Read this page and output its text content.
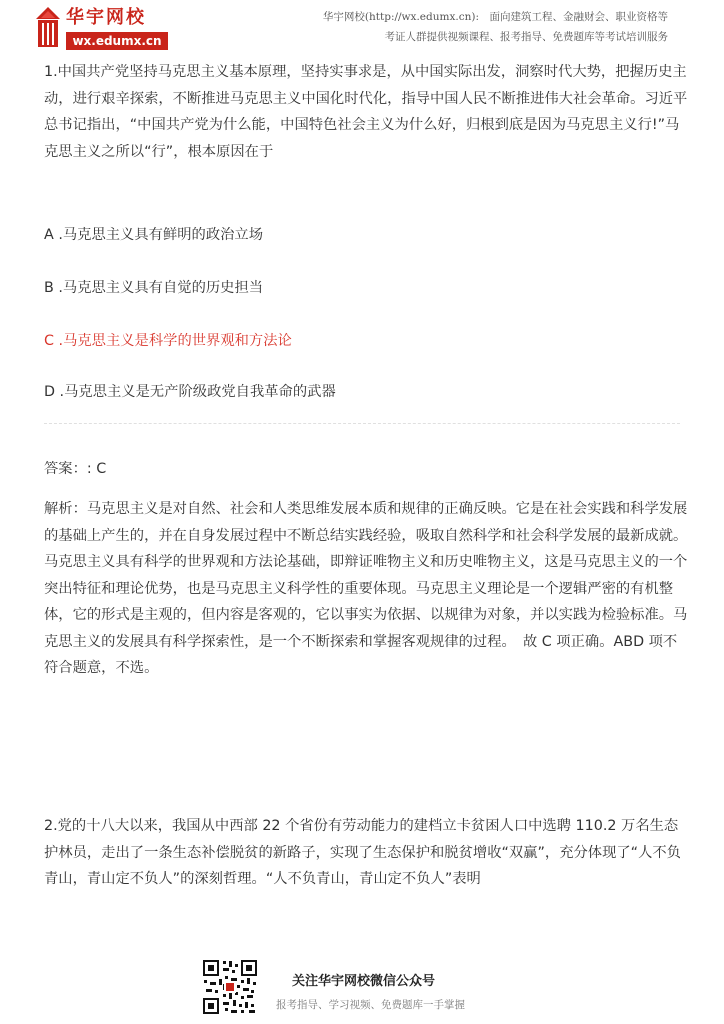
华宇网校
wx.edumx.cn
华宇网校(http://wx.edumx.cn):　面向建筑工程、金融财会、职业资格等
考证人群提供视频课程、报考指导、免费题库等考试培训服务
1.中国共产党坚持马克思主义基本原理，坚持实事求是，从中国实际出发，洞察时代大势，把握历史主动，进行艰辛探索，不断推进马克思主义中国化时代化，指导中国人民不断推进伟大社会革命。习近平总书记指出，“中国共产党为什么能，中国特色社会主义为什么好，归根到底是因为马克思主义行!”马克思主义之所以“行”，根本原因在于
A .马克思主义具有鲜明的政治立场
B .马克思主义具有自觉的历史担当
C .马克思主义是科学的世界观和方法论
D .马克思主义是无产阶级政党自我革命的武器
答案：: C
解析：马克思主义是对自然、社会和人类思维发展本质和规律的正确反映。它是在社会实践和科学发展的基础上产生的，并在自身发展过程中不断总结实践经验，吸取自然科学和社会科学发展的最新成就。马克思主义具有科学的世界观和方法论基础，即辩证唯物主义和历史唯物主义，这是马克思主义的一个突出特征和理论优势，也是马克思主义科学性的重要体现。马克思主义理论是一个逻辑严密的有机整体，它的形式是主观的，但内容是客观的，它以事实为依据、以规律为对象，并以实践为检验标准。马克思主义的发展具有科学探索性，是一个不断探索和掌握客观规律的过程。　故 C 项正确。ABD 项不符合题意，不选。
2.党的十八大以来，我国从中西部 22 个省份有劳动能力的建档立卡贫困人口中选聘 110.2 万名生态护林员，走出了一条生态补偿脱贫的新路子，实现了生态保护和脱贫增收“双赢”，充分体现了“人不负青山，青山定不负人”的深刻哲理。“人不负青山，青山定不负人”表明
关注华宇网校微信公众号
报考指导、学习视频、免费题库一手掌握
